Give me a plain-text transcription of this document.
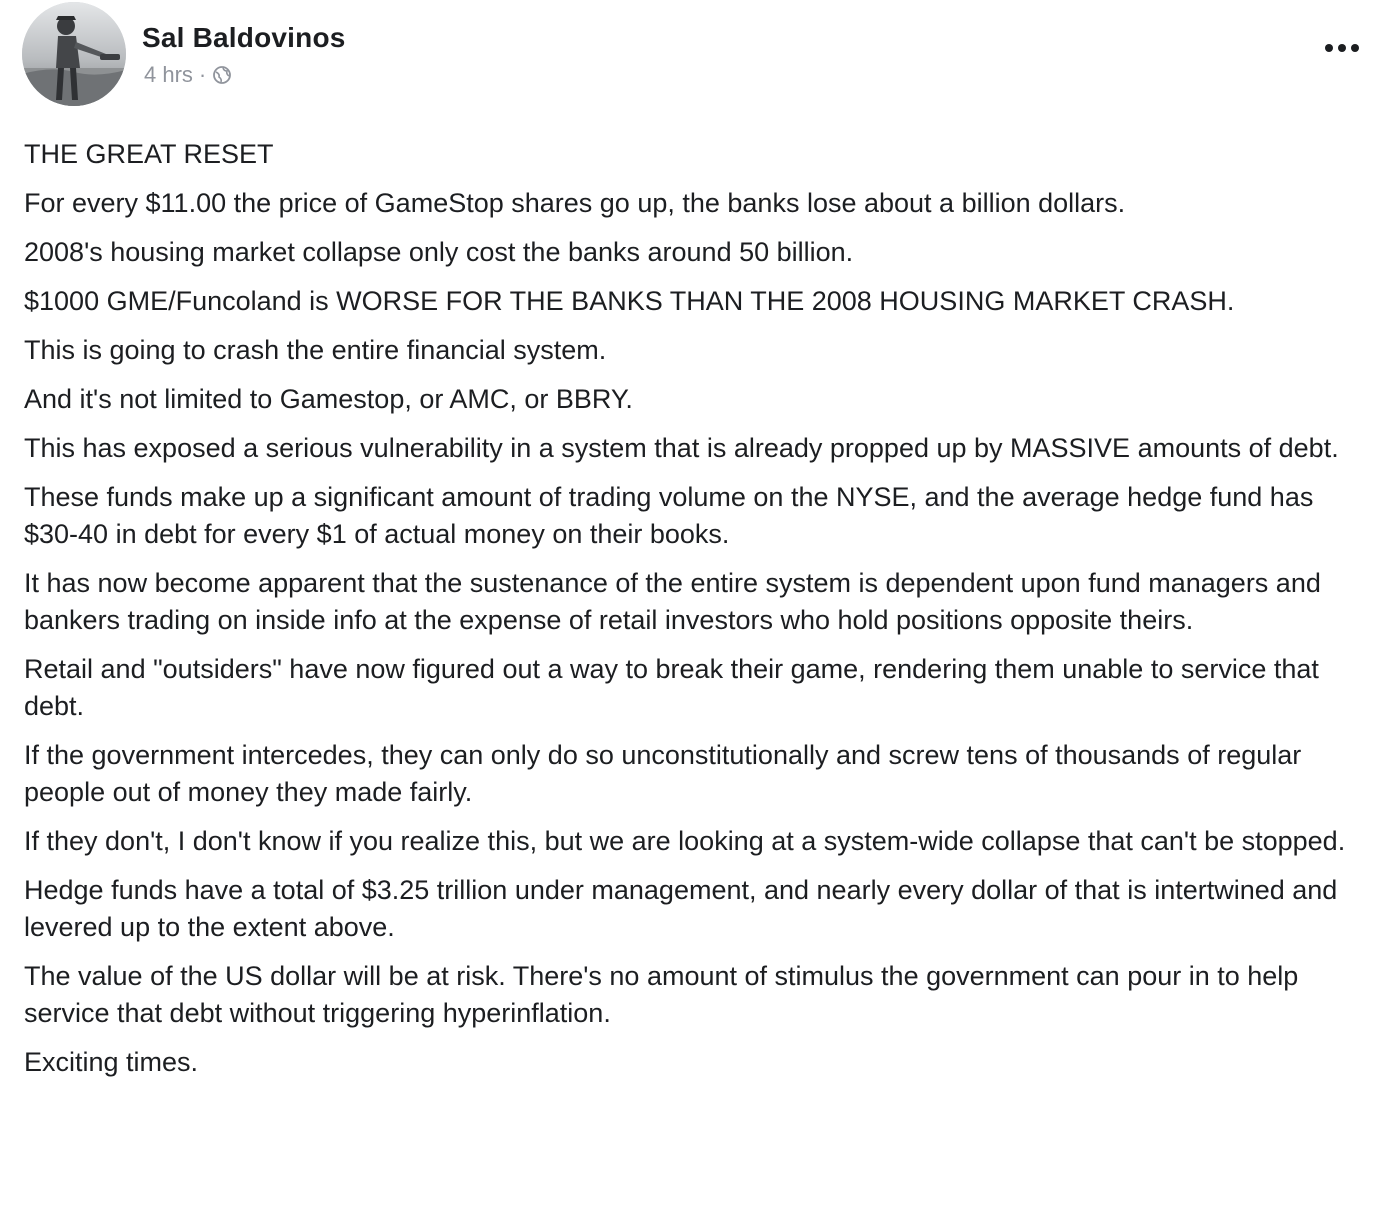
Sal Baldovinos
4 hrs ·

THE GREAT RESET

For every $11.00 the price of GameStop shares go up, the banks lose about a billion dollars.

2008's housing market collapse only cost the banks around 50 billion.

$1000 GME/Funcoland is WORSE FOR THE BANKS THAN THE 2008 HOUSING MARKET CRASH.

This is going to crash the entire financial system.

And it's not limited to Gamestop, or AMC, or BBRY.

This has exposed a serious vulnerability in a system that is already propped up by MASSIVE amounts of debt.

These funds make up a significant amount of trading volume on the NYSE, and the average hedge fund has $30-40 in debt for every $1 of actual money on their books.

It has now become apparent that the sustenance of the entire system is dependent upon fund managers and bankers trading on inside info at the expense of retail investors who hold positions opposite theirs.

Retail and "outsiders" have now figured out a way to break their game, rendering them unable to service that debt.

If the government intercedes, they can only do so unconstitutionally and screw tens of thousands of regular people out of money they made fairly.

If they don't, I don't know if you realize this, but we are looking at a system-wide collapse that can't be stopped.

Hedge funds have a total of $3.25 trillion under management, and nearly every dollar of that is intertwined and levered up to the extent above.

The value of the US dollar will be at risk. There's no amount of stimulus the government can pour in to help service that debt without triggering hyperinflation.

Exciting times.
